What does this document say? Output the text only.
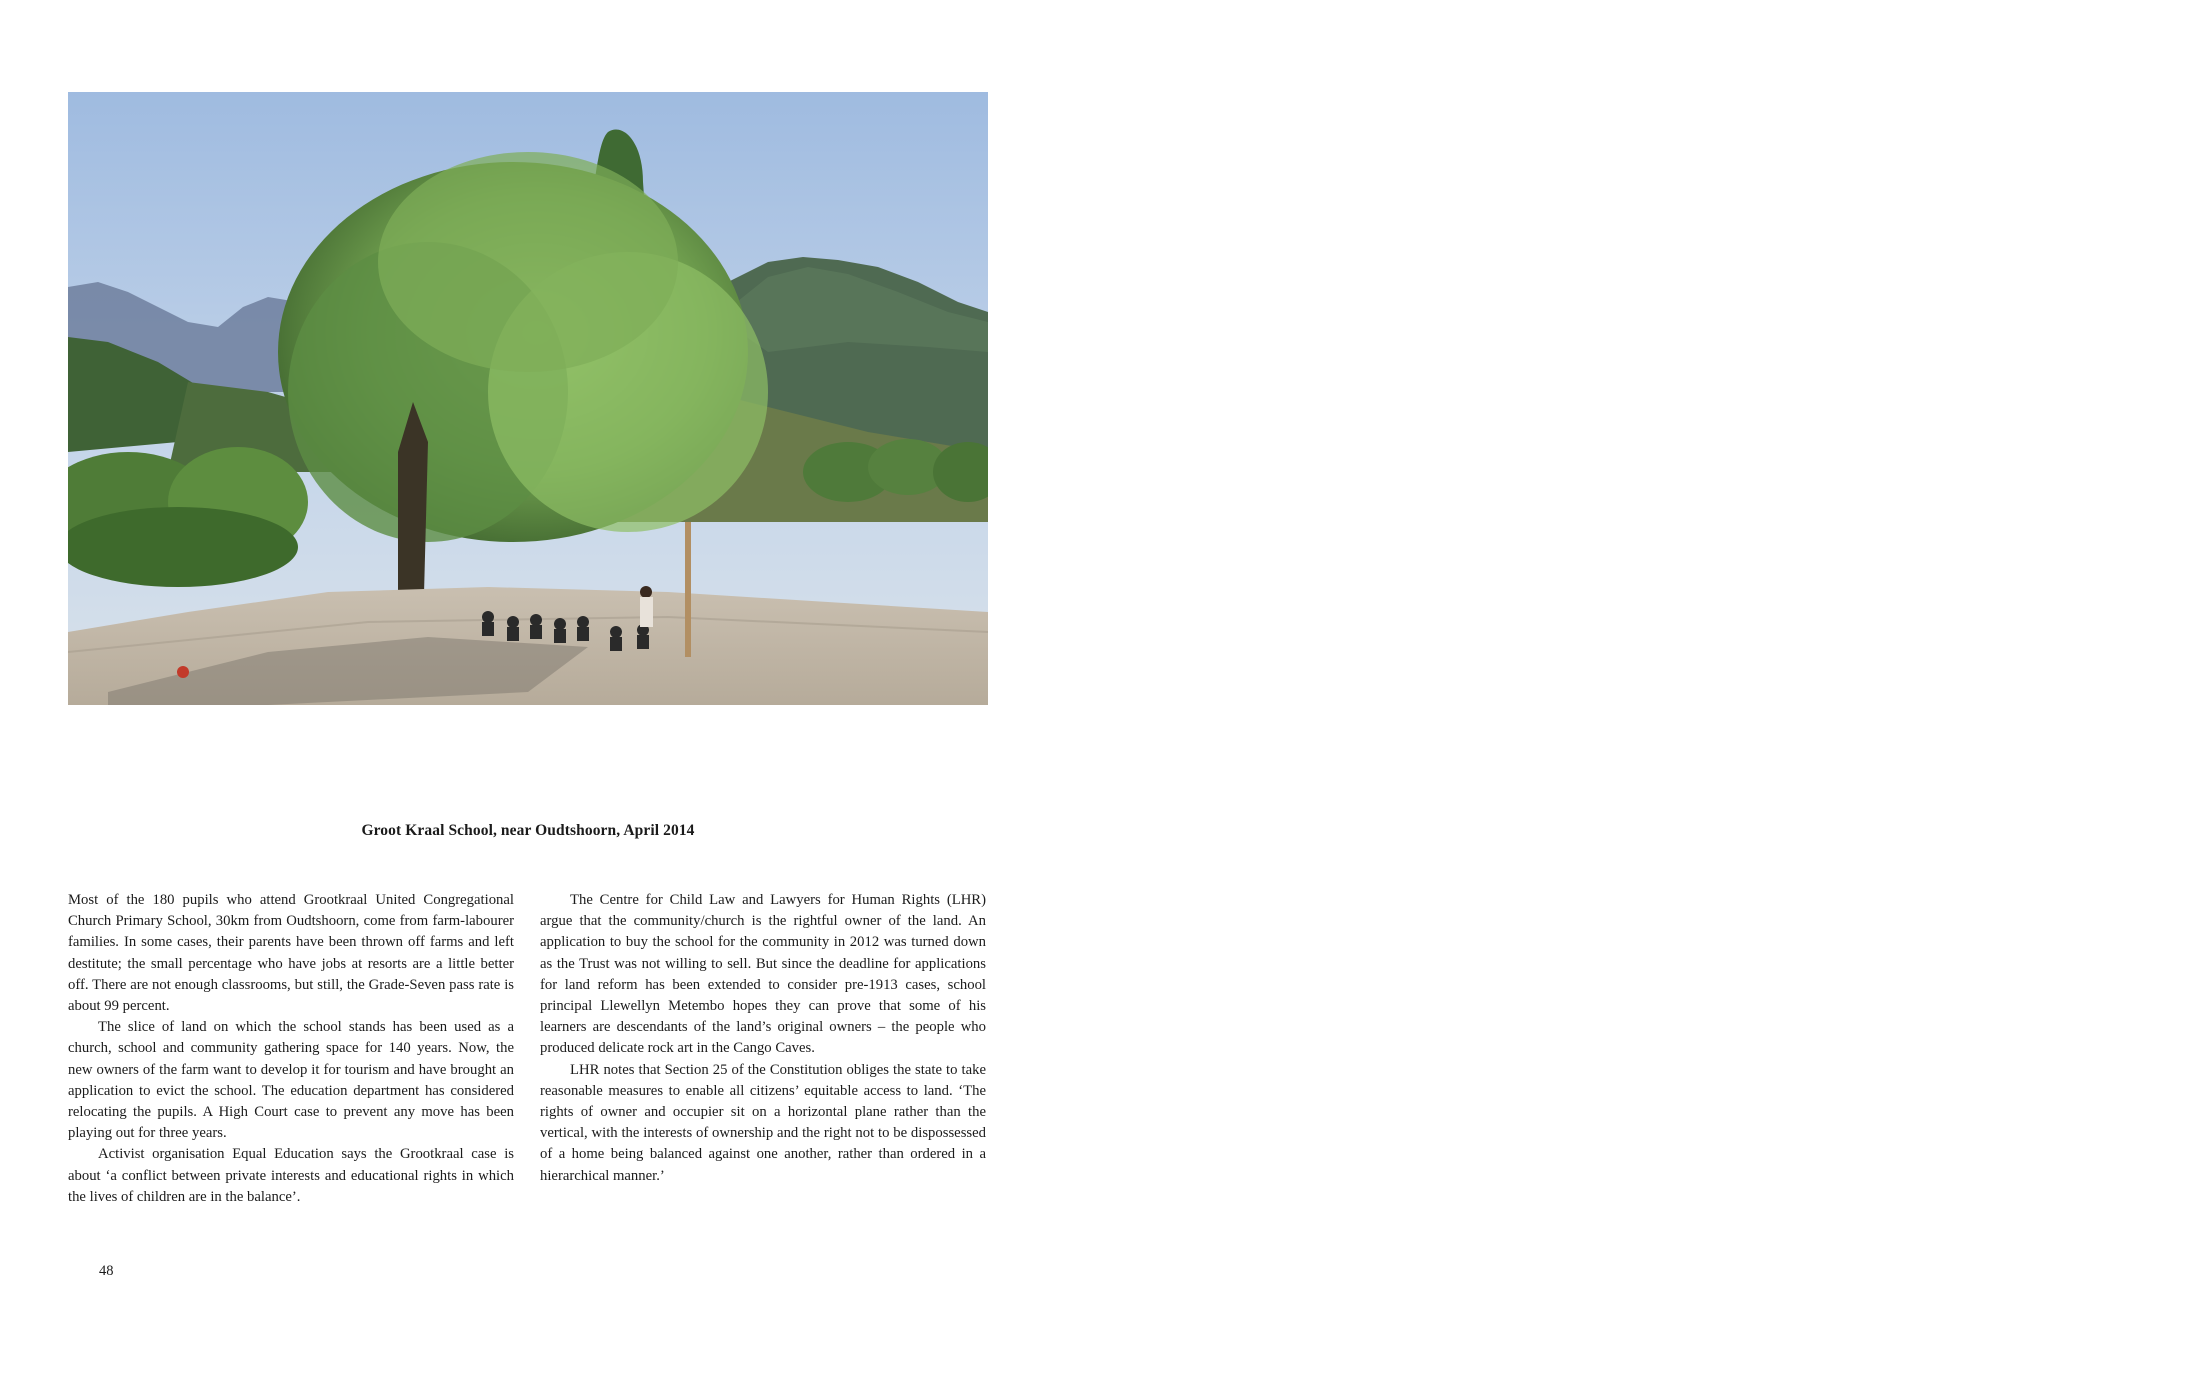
Groot Kraal School, near Oudtshoorn, April 2014

Most of the 180 pupils who attend Grootkraal United Congregational Church Primary School, 30km from Oudtshoorn, come from farm-labourer families. In some cases, their parents have been thrown off farms and left destitute; the small percentage who have jobs at resorts are a little better off. There are not enough classrooms, but still, the Grade-Seven pass rate is about 99 percent.

The slice of land on which the school stands has been used as a church, school and community gathering space for 140 years. Now, the new owners of the farm want to develop it for tourism and have brought an application to evict the school. The education department has considered relocating the pupils. A High Court case to prevent any move has been playing out for three years.

Activist organisation Equal Education says the Grootkraal case is about ‘a conflict between private interests and educational rights in which the lives of children are in the balance’.

The Centre for Child Law and Lawyers for Human Rights (LHR) argue that the community/church is the rightful owner of the land. An application to buy the school for the community in 2012 was turned down as the Trust was not willing to sell. But since the deadline for applications for land reform has been extended to consider pre-1913 cases, school principal Llewellyn Metembo hopes they can prove that some of his learners are descendants of the land’s original owners – the people who produced delicate rock art in the Cango Caves.

LHR notes that Section 25 of the Constitution obliges the state to take reasonable measures to enable all citizens’ equitable access to land. ‘The rights of owner and occupier sit on a horizontal plane rather than the vertical, with the interests of ownership and the right not to be dispossessed of a home being balanced against one another, rather than ordered in a hierarchical manner.’

48
